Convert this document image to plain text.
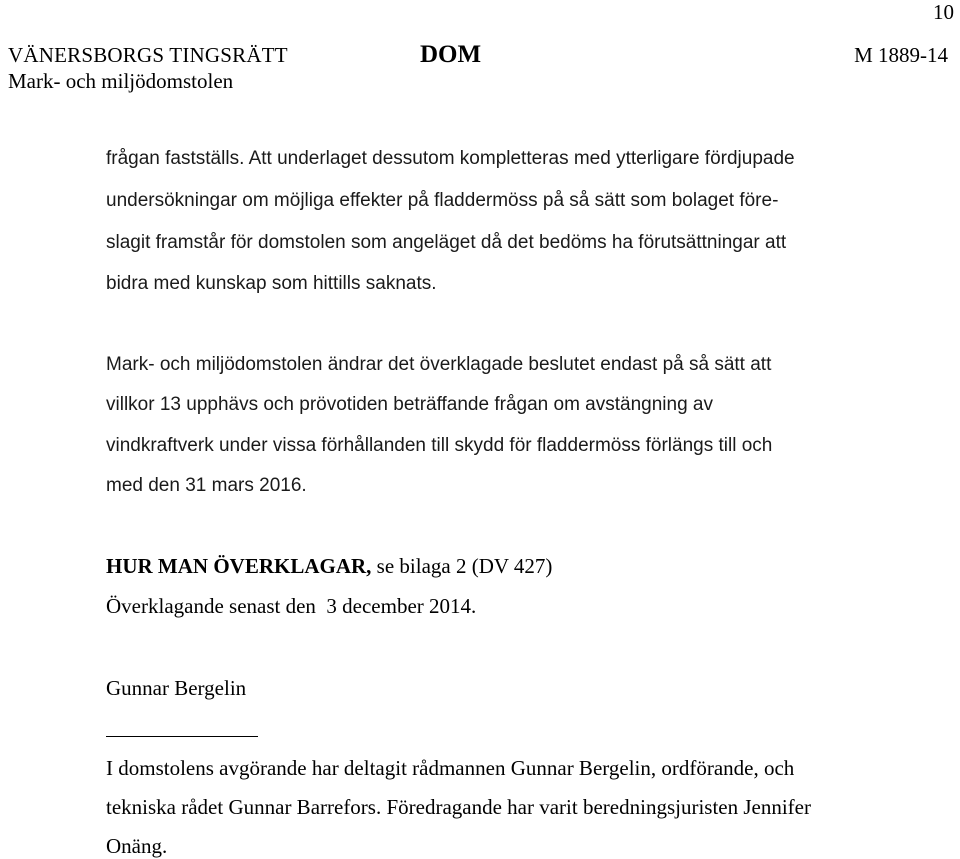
10
VÄNERSBORGS TINGSRÄTT
Mark- och miljödomstolen
DOM	M 1889-14
frågan fastställs. Att underlaget dessutom kompletteras med ytterligare fördjupade
undersökningar om möjliga effekter på fladdermöss på så sätt som bolaget före-
slagit framstår för domstolen som angeläget då det bedöms ha förutsättningar att
bidra med kunskap som hittills saknats.
Mark- och miljödomstolen ändrar det överklagade beslutet endast på så sätt att
villkor 13 upphävs och prövotiden beträffande frågan om avstängning av
vindkraftverk under vissa förhållanden till skydd för fladdermöss förlängs till och
med den 31 mars 2016.
HUR MAN ÖVERKLAGAR, se bilaga 2 (DV 427)
Överklagande senast den  3 december 2014.
Gunnar Bergelin
I domstolens avgörande har deltagit rådmannen Gunnar Bergelin, ordförande, och
tekniska rådet Gunnar Barrefors. Föredragande har varit beredningsjuristen Jennifer
Onäng.
